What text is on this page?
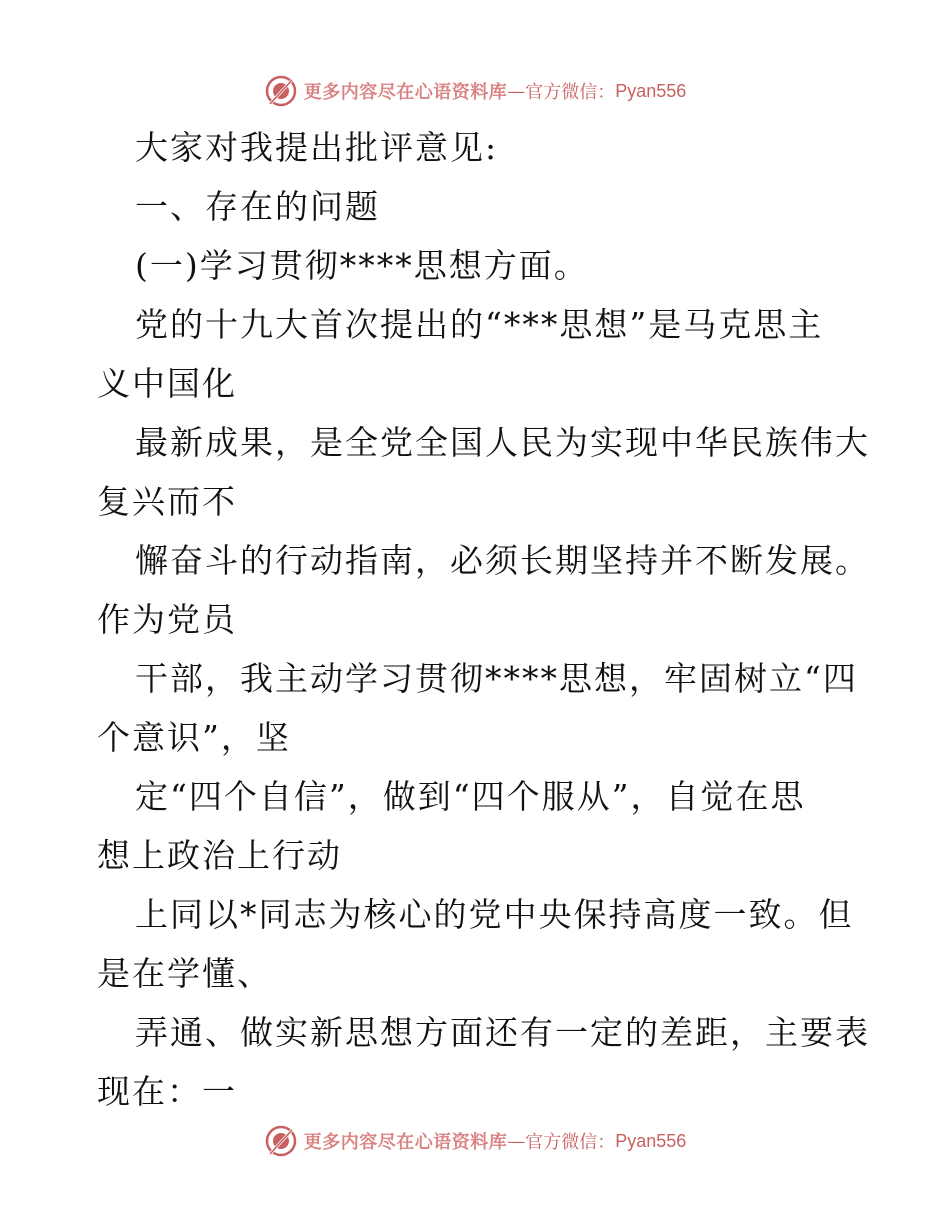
更多内容尽在心语资料库 — 官方微信： Pyan556
大家对我提出批评意见:
一、存在的问题
(一)学习贯彻****思想方面。
党的十九大首次提出的“***思想”是马克思主
义中国化
最新成果，是全党全国人民为实现中华民族伟大
复兴而不
懈奋斗的行动指南，必须长期坚持并不断发展。
作为党员
干部，我主动学习贯彻****思想，牢固树立“四
个意识”，坚
定“四个自信”，做到“四个服从”，自觉在思
想上政治上行动
上同以*同志为核心的党中央保持高度一致。但
是在学懂、
弄通、做实新思想方面还有一定的差距，主要表
现在：一
更多内容尽在心语资料库 — 官方微信： Pyan556
